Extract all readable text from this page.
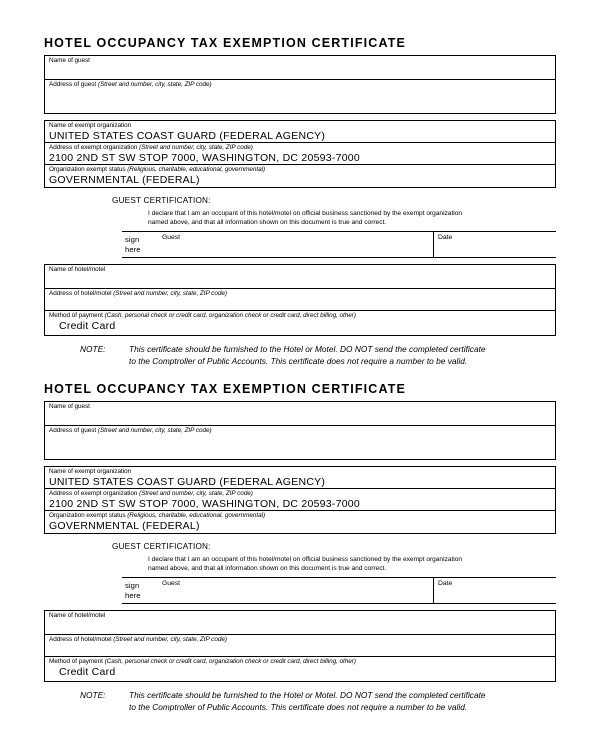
HOTEL OCCUPANCY TAX EXEMPTION CERTIFICATE
Name of guest
Address of guest (Street and number, city, state, ZIP code)
Name of exempt organization
UNITED STATES COAST GUARD (FEDERAL AGENCY)
Address of exempt organization (Street and number, city, state, ZIP code)
2100 2ND ST SW STOP 7000, WASHINGTON, DC 20593-7000
Organization exempt status (Religious, charitable, educational, governmental)
GOVERNMENTAL (FEDERAL)
GUEST CERTIFICATION:
I declare that I am an occupant of this hotel/motel on official business sanctioned by the exempt organization named above, and that all information shown on this document is true and correct.
sign
here
Guest	Date
Name of hotel/motel
Address of hotel/motel (Street and number, city, state, ZIP code)
Method of payment (Cash, personal check or credit card, organization check or credit card, direct billing, other)
Credit Card
NOTE:	This certificate should be furnished to the Hotel or Motel. DO NOT send the completed certificate
to the Comptroller of Public Accounts. This certificate does not require a number to be valid.
HOTEL OCCUPANCY TAX EXEMPTION CERTIFICATE
Name of guest
Address of guest (Street and number, city, state, ZIP code)
Name of exempt organization
UNITED STATES COAST GUARD (FEDERAL AGENCY)
Address of exempt organization (Street and number, city, state, ZIP code)
2100 2ND ST SW STOP 7000, WASHINGTON, DC 20593-7000
Organization exempt status (Religious, charitable, educational, governmental)
GOVERNMENTAL (FEDERAL)
GUEST CERTIFICATION:
I declare that I am an occupant of this hotel/motel on official business sanctioned by the exempt organization named above, and that all information shown on this document is true and correct.
sign
here
Guest	Date
Name of hotel/motel
Address of hotel/motel (Street and number, city, state, ZIP code)
Method of payment (Cash, personal check or credit card, organization check or credit card, direct billing, other)
Credit Card
NOTE:	This certificate should be furnished to the Hotel or Motel. DO NOT send the completed certificate
to the Comptroller of Public Accounts. This certificate does not require a number to be valid.
